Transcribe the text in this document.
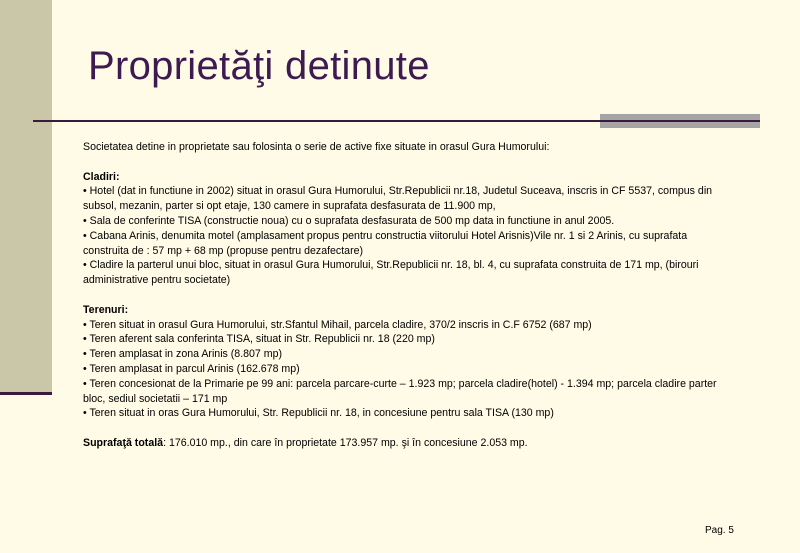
Proprietăţi detinute

Societatea detine in proprietate sau folosinta o serie de active fixe situate in orasul Gura Humorului:

Cladiri:

• Hotel (dat in functiune in 2002) situat in orasul Gura Humorului, Str.Republicii nr.18, Judetul Suceava, inscris in CF 5537, compus din subsol, mezanin, parter si opt etaje, 130 camere in suprafata desfasurata de 11.900 mp,

• Sala de conferinte TISA (constructie noua) cu o suprafata desfasurata de 500 mp data in functiune in anul 2005.

• Cabana Arinis, denumita motel (amplasament propus pentru constructia viitorului Hotel Arisnis)Vile nr. 1 si 2 Arinis, cu suprafata construita de : 57 mp + 68 mp (propuse pentru dezafectare)

• Cladire la parterul unui bloc, situat in orasul Gura Humorului, Str.Republicii nr. 18, bl. 4, cu suprafata construita de 171 mp, (birouri administrative pentru societate)

Terenuri:

• Teren situat in orasul Gura Humorului, str.Sfantul Mihail, parcela cladire, 370/2 inscris in C.F 6752 (687 mp)

• Teren aferent sala conferinta TISA, situat in Str. Republicii nr. 18 (220 mp)

• Teren amplasat in zona Arinis (8.807 mp)

• Teren amplasat in parcul Arinis (162.678 mp)

• Teren concesionat de la Primarie pe 99 ani: parcela parcare-curte – 1.923 mp; parcela cladire(hotel) - 1.394 mp; parcela cladire parter bloc, sediul societatii – 171 mp

• Teren situat in oras Gura Humorului, Str. Republicii nr. 18, in concesiune pentru sala TISA (130 mp)

Suprafaţă totală: 176.010 mp., din care în proprietate 173.957 mp. şi în concesiune 2.053 mp.

Pag. 5
